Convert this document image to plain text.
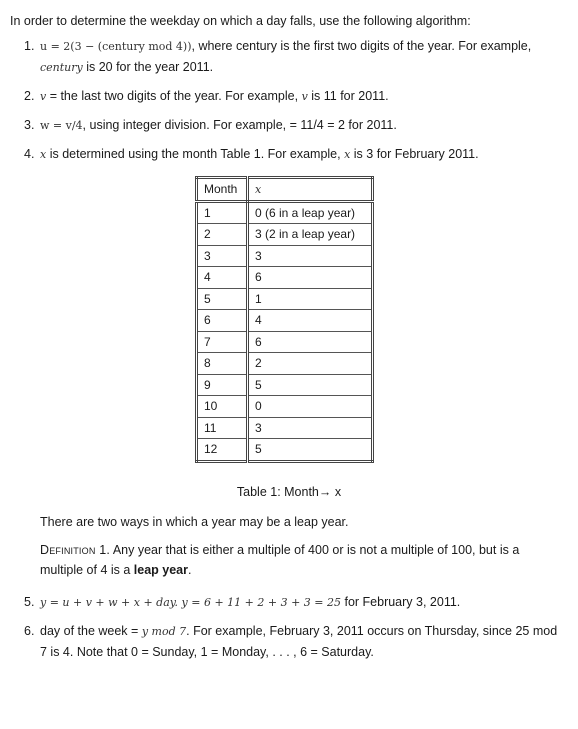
In order to determine the weekday on which a day falls, use the following algorithm:
1. u = 2(3 − (century mod 4)), where century is the first two digits of the year. For example, century is 20 for the year 2011.
2. v = the last two digits of the year. For example, v is 11 for 2011.
3. w = v/4, using integer division. For example, = 11/4 = 2 for 2011.
4. x is determined using the month Table 1. For example, x is 3 for February 2011.
Month	x
1	0 (6 in a leap year)
2	3 (2 in a leap year)
3	3
4	6
5	1
6	4
7	6
8	2
9	5
10	0
11	3
12	5
Table 1: Month→ x
There are two ways in which a year may be a leap year.
Definition 1. Any year that is either a multiple of 400 or is not a multiple of 100, but is a multiple of 4 is a leap year.
5. y = u + v + w + x + day. y = 6 + 11 + 2 + 3 + 3 = 25 for February 3, 2011.
6. day of the week = y mod 7. For example, February 3, 2011 occurs on Thursday, since 25 mod 7 is 4. Note that 0 = Sunday, 1 = Monday, . . . , 6 = Saturday.
